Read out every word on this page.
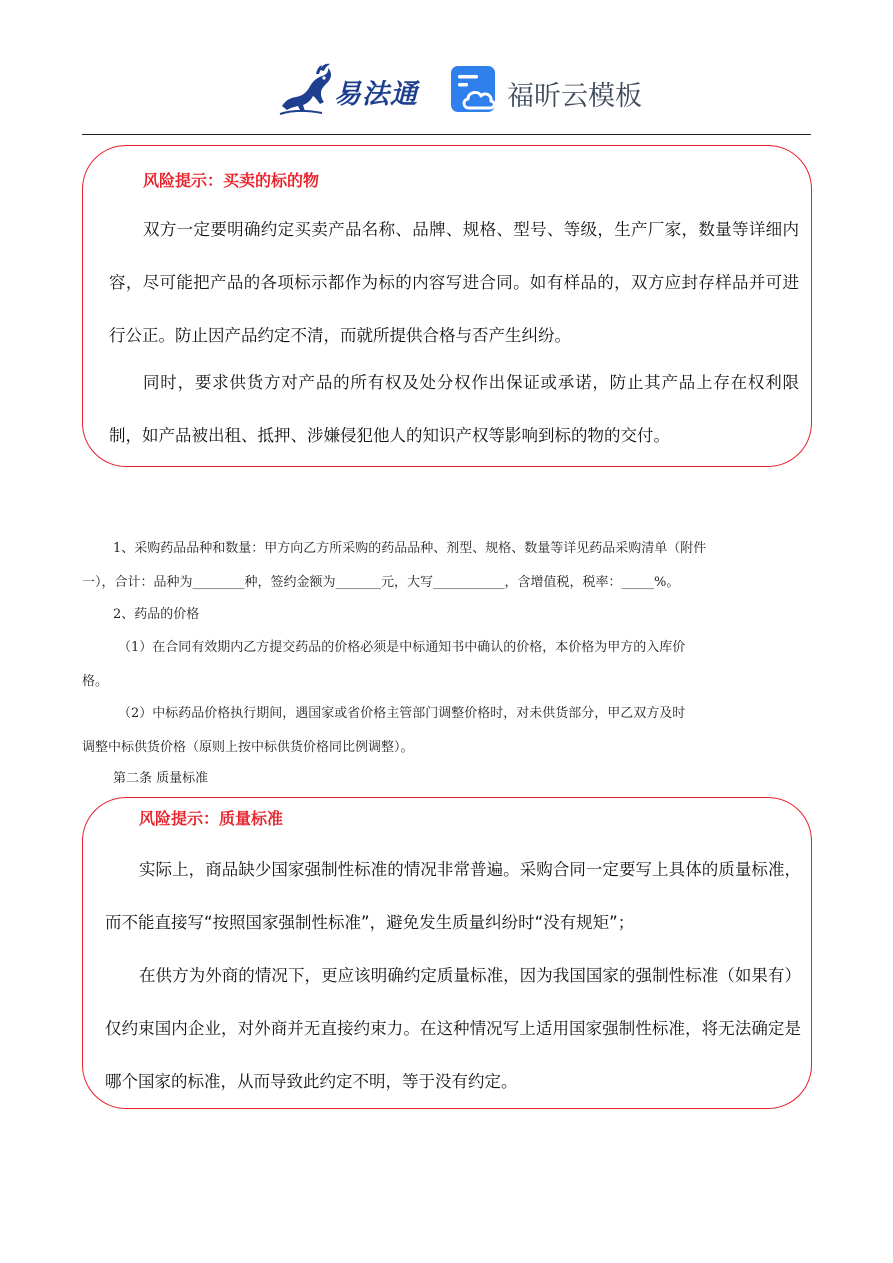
易法通	福昕云模板
风险提示：买卖的标的物
双方一定要明确约定买卖产品名称、品牌、规格、型号、等级，生产厂家，数量等详细内容，尽可能把产品的各项标示都作为标的内容写进合同。如有样品的，双方应封存样品并可进行公正。防止因产品约定不清，而就所提供合格与否产生纠纷。
同时，要求供货方对产品的所有权及处分权作出保证或承诺，防止其产品上存在权利限制，如产品被出租、抵押、涉嫌侵犯他人的知识产权等影响到标的物的交付。
1、采购药品品种和数量：甲方向乙方所采购的药品品种、剂型、规格、数量等详见药品采购清单（附件
一），合计：品种为________种，签约金额为_______元，大写___________，含增值税，税率：_____%。
2、药品的价格
（1）在合同有效期内乙方提交药品的价格必须是中标通知书中确认的价格，本价格为甲方的入库价
格。
（2）中标药品价格执行期间，遇国家或省价格主管部门调整价格时，对未供货部分，甲乙双方及时
调整中标供货价格（原则上按中标供货价格同比例调整）。
第二条 质量标准
风险提示：质量标准
实际上，商品缺少国家强制性标准的情况非常普遍。采购合同一定要写上具体的质量标准，而不能直接写“按照国家强制性标准”，避免发生质量纠纷时“没有规矩”；
在供方为外商的情况下，更应该明确约定质量标准，因为我国国家的强制性标准（如果有）仅约束国内企业，对外商并无直接约束力。在这种情况写上适用国家强制性标准，将无法确定是哪个国家的标准，从而导致此约定不明，等于没有约定。
